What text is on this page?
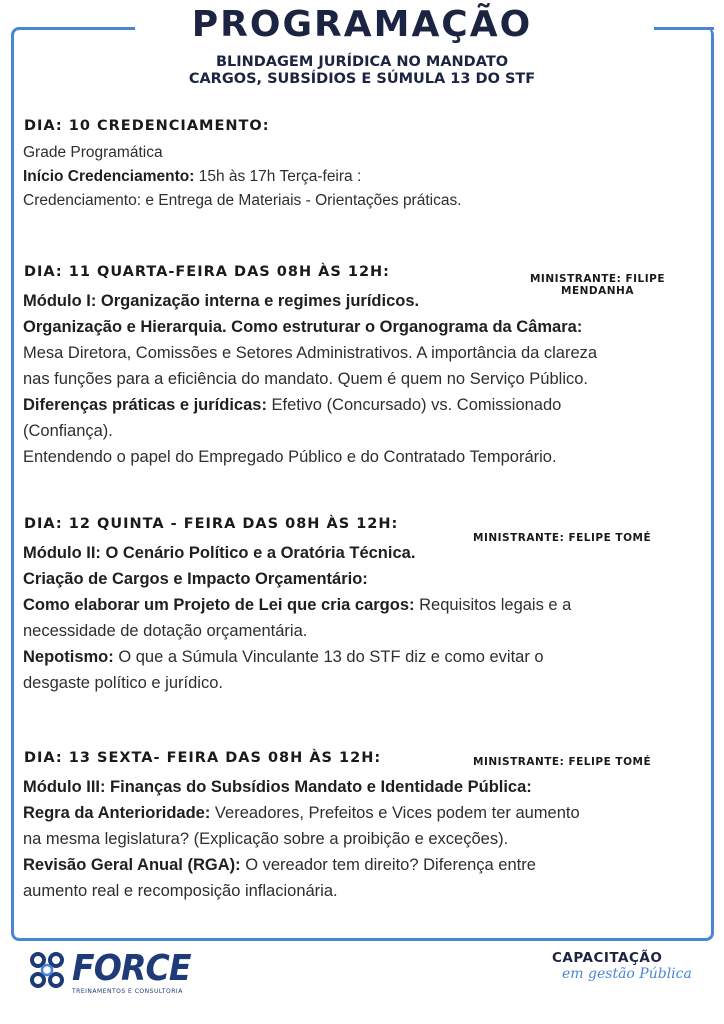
PROGRAMAÇÃO
BLINDAGEM JURÍDICA NO MANDATO
CARGOS, SUBSÍDIOS E SÚMULA 13 DO STF
DIA: 10 CREDENCIAMENTO:

Grade Programática

Início Credenciamento: 15h às 17h Terça-feira :

Credenciamento: e Entrega de Materiais - Orientações práticas.

DIA: 11 QUARTA-FEIRA DAS 08H ÀS 12H:	MINISTRANTE: FILIPE
MENDANHA

Módulo I: Organização interna e regimes jurídicos.

Organização e Hierarquia. Como estruturar o Organograma da Câmara:

Mesa Diretora, Comissões e Setores Administrativos. A importância da clareza

nas funções para a eficiência do mandato. Quem é quem no Serviço Público.

Diferenças práticas e jurídicas: Efetivo (Concursado) vs. Comissionado

(Confiança).

Entendendo o papel do Empregado Público e do Contratado Temporário.

DIA: 12 QUINTA - FEIRA DAS 08H ÀS 12H:
MINISTRANTE: FELIPE TOMÉ

Módulo II: O Cenário Político e a Oratória Técnica.

Criação de Cargos e Impacto Orçamentário:

Como elaborar um Projeto de Lei que cria cargos: Requisitos legais e a

necessidade de dotação orçamentária.

Nepotismo: O que a Súmula Vinculante 13 do STF diz e como evitar o

desgaste político e jurídico.

DIA: 13 SEXTA- FEIRA DAS 08H ÀS 12H:	MINISTRANTE: FELIPE TOMÉ

Módulo III: Finanças do Subsídios Mandato e Identidade Pública:

Regra da Anterioridade: Vereadores, Prefeitos e Vices podem ter aumento

na mesma legislatura? (Explicação sobre a proibição e exceções).

Revisão Geral Anual (RGA): O vereador tem direito? Diferença entre

aumento real e recomposição inflacionária.

FORCE
TREINAMENTOS E CONSULTORIA
CAPACITAÇÃO
em gestão Pública
